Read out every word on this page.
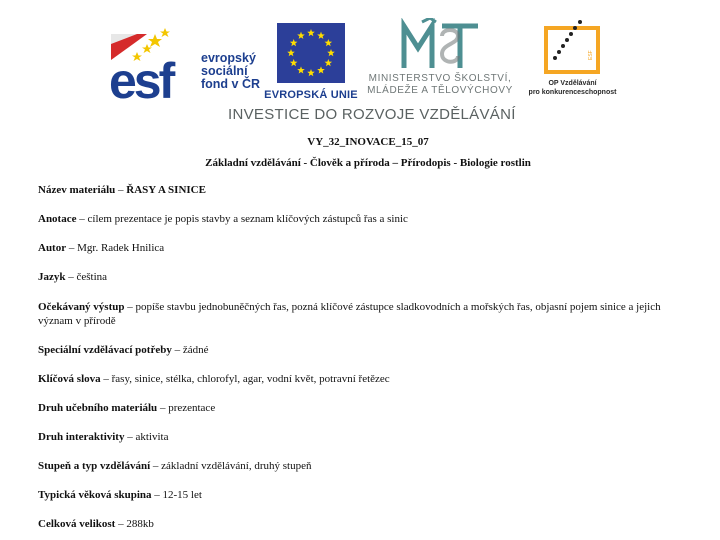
esf evropský
sociální
fond v ČR
EVROPSKÁ UNIE
MINISTERSTVO ŠKOLSTVÍ,
MLÁDEŽE A TĚLOVÝCHOVY
ESF
OP Vzdělávání
pro konkurenceschopnost
INVESTICE DO ROZVOJE VZDĚLÁVÁNÍ
VY_32_INOVACE_15_07
Základní vzdělávání - Člověk a příroda – Přírodopis - Biologie rostlin
Název materiálu – ŘASY A SINICE
Anotace – cílem prezentace je popis stavby a seznam klíčových zástupců řas a sinic
Autor – Mgr. Radek Hnilica
Jazyk – čeština
Očekávaný výstup – popíše stavbu jednobuněčných řas, pozná klíčové zástupce sladkovodních a mořských řas, objasní pojem sinice a jejich význam v přírodě
Speciální vzdělávací potřeby – žádné
Klíčová slova – řasy, sinice, stélka, chlorofyl, agar, vodní květ, potravní řetězec
Druh učebního materiálu – prezentace
Druh interaktivity – aktivita
Stupeň a typ vzdělávání – základní vzdělávání, druhý stupeň
Typická věková skupina – 12-15 let
Celková velikost – 288kb
